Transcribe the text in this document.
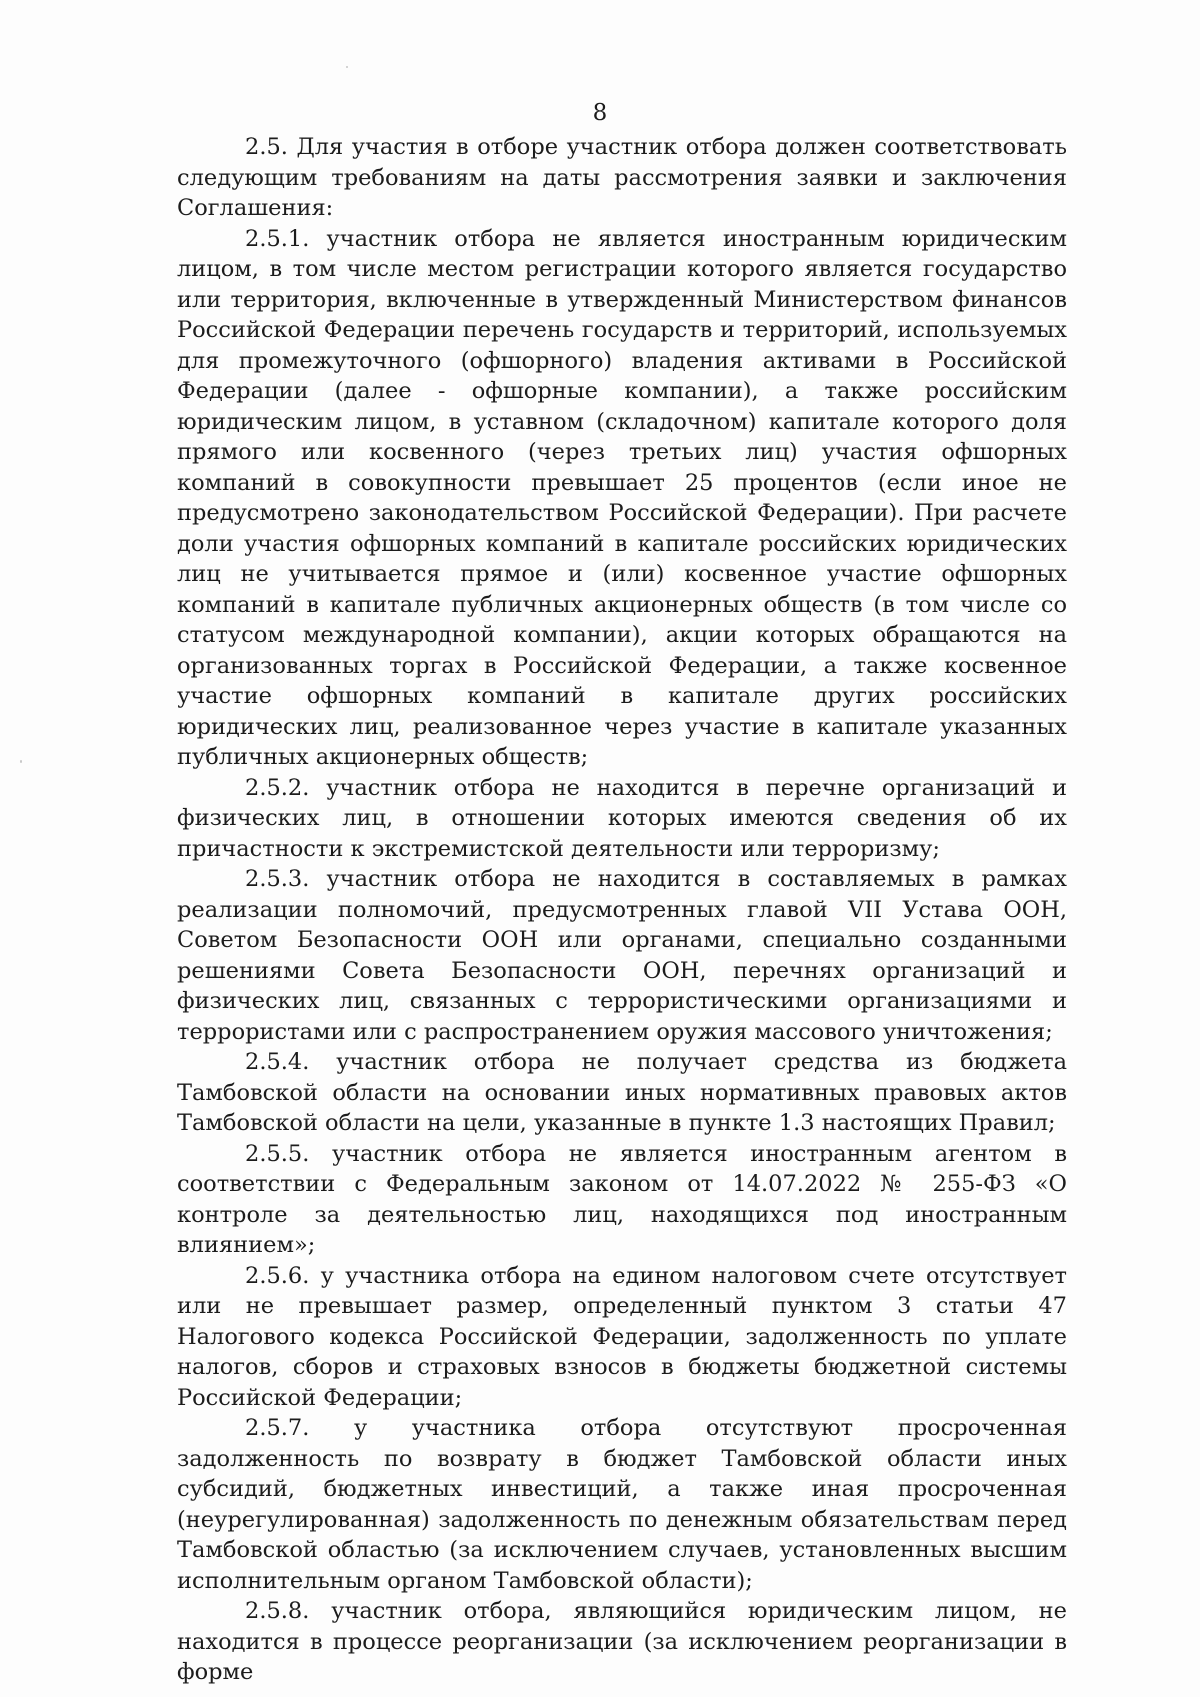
8

2.5. Для участия в отборе участник отбора должен соответствовать следующим требованиям на даты рассмотрения заявки и заключения Соглашения:

2.5.1. участник отбора не является иностранным юридическим лицом, в том числе местом регистрации которого является государство или территория, включенные в утвержденный Министерством финансов Российской Федерации перечень государств и территорий, используемых для промежуточного (офшорного) владения активами в Российской Федерации (далее - офшорные компании), а также российским юридическим лицом, в уставном (складочном) капитале которого доля прямого или косвенного (через третьих лиц) участия офшорных компаний в совокупности превышает 25 процентов (если иное не предусмотрено законодательством Российской Федерации). При расчете доли участия офшорных компаний в капитале российских юридических лиц не учитывается прямое и (или) косвенное участие офшорных компаний в капитале публичных акционерных обществ (в том числе со статусом международной компании), акции которых обращаются на организованных торгах в Российской Федерации, а также косвенное участие офшорных компаний в капитале других российских юридических лиц, реализованное через участие в капитале указанных публичных акционерных обществ;

2.5.2. участник отбора не находится в перечне организаций и физических лиц, в отношении которых имеются сведения об их причастности к экстремистской деятельности или терроризму;

2.5.3. участник отбора не находится в составляемых в рамках реализации полномочий, предусмотренных главой VII Устава ООН, Советом Безопасности ООН или органами, специально созданными решениями Совета Безопасности ООН, перечнях организаций и физических лиц, связанных с террористическими организациями и террористами или с распространением оружия массового уничтожения;

2.5.4. участник отбора не получает средства из бюджета Тамбовской области на основании иных нормативных правовых актов Тамбовской области на цели, указанные в пункте 1.3 настоящих Правил;

2.5.5. участник отбора не является иностранным агентом в соответствии с Федеральным законом от 14.07.2022 № 255-ФЗ «О контроле за деятельностью лиц, находящихся под иностранным влиянием»;

2.5.6. у участника отбора на едином налоговом счете отсутствует или не превышает размер, определенный пунктом 3 статьи 47 Налогового кодекса Российской Федерации, задолженность по уплате налогов, сборов и страховых взносов в бюджеты бюджетной системы Российской Федерации;

2.5.7. у участника отбора отсутствуют просроченная задолженность по возврату в бюджет Тамбовской области иных субсидий, бюджетных инвестиций, а также иная просроченная (неурегулированная) задолженность по денежным обязательствам перед Тамбовской областью (за исключением случаев, установленных высшим исполнительным органом Тамбовской области);

2.5.8. участник отбора, являющийся юридическим лицом, не находится в процессе реорганизации (за исключением реорганизации в форме
